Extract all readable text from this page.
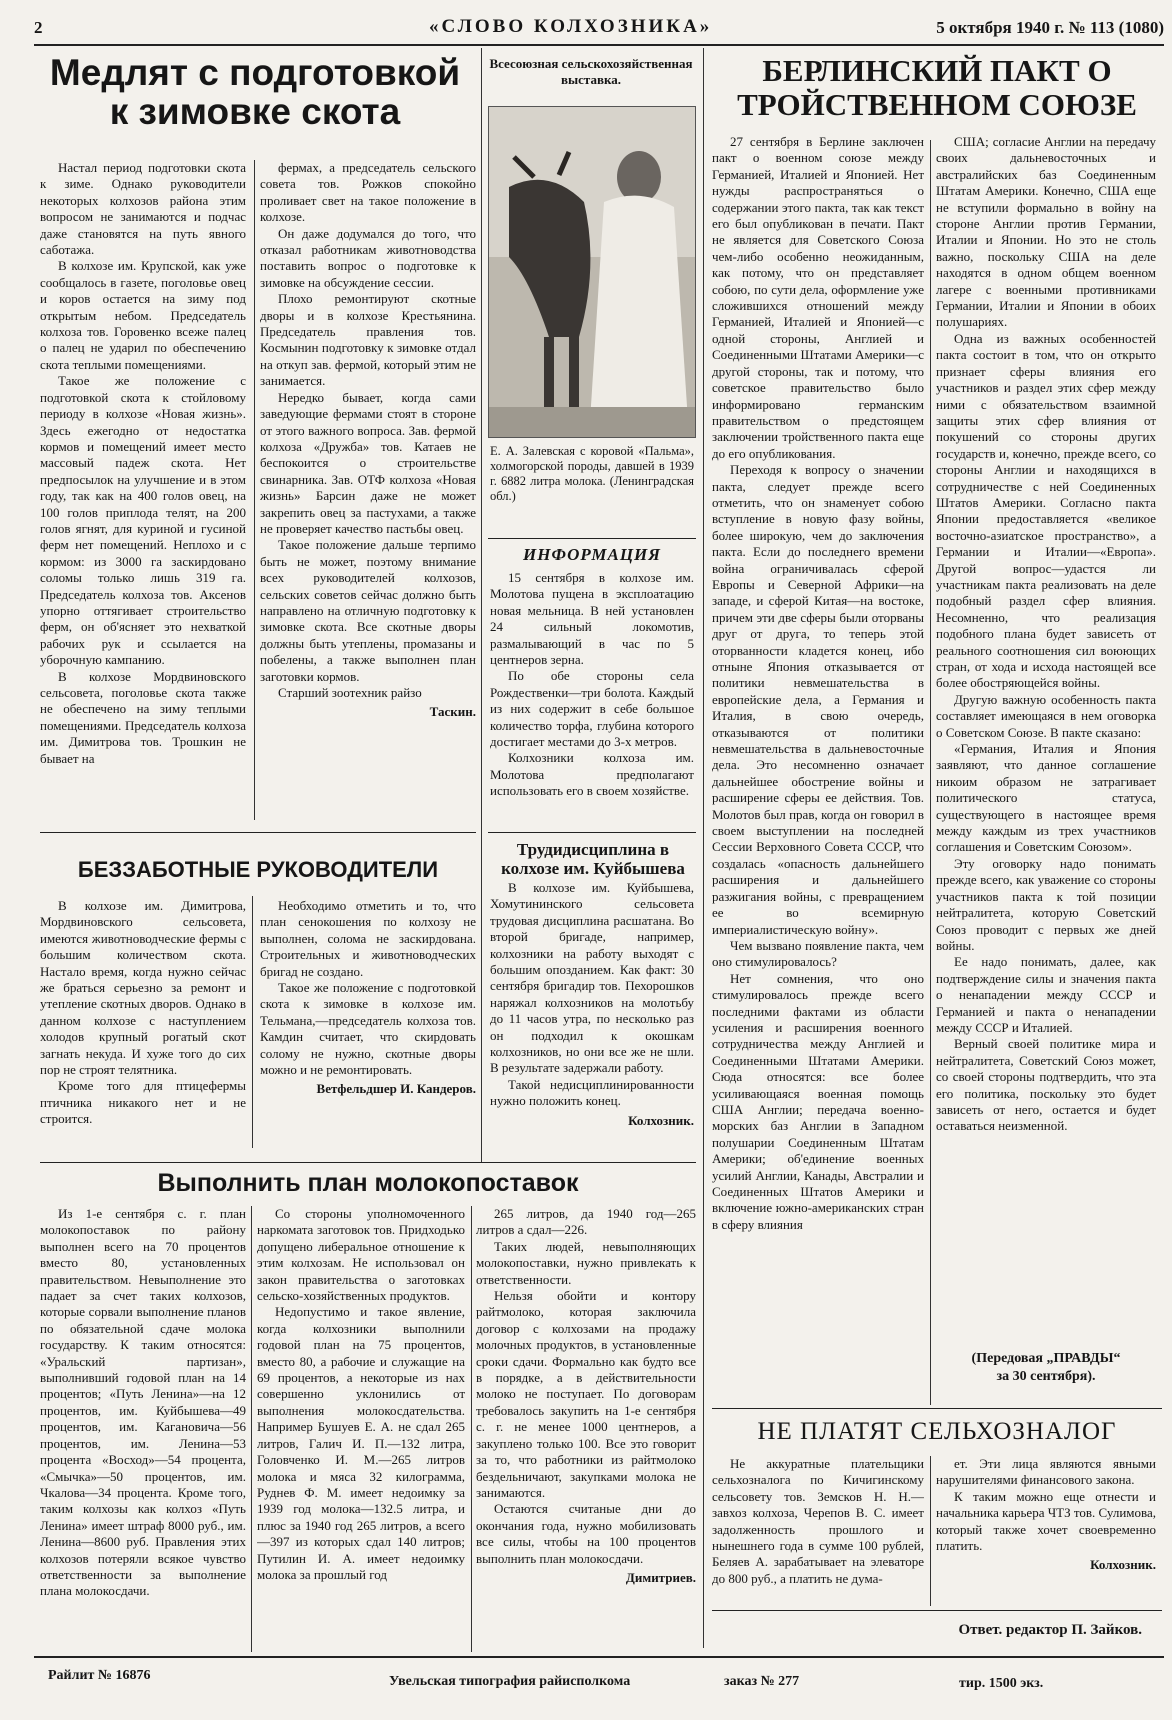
2	«СЛОВО КОЛХОЗНИКА»	5 октября 1940 г. № 113 (1080)
Медлят с подготовкой к зимовке скота

Настал период подготовки скота к зиме. Однако руководители некоторых колхозов района этим вопросом не занимаются и подчас даже становятся на путь явного саботажа.

В колхозе им. Крупской, как уже сообщалось в газете, поголовье овец и коров остается на зиму под открытым небом. Председатель колхоза тов. Горовенко всеже палец о палец не ударил по обеспечению скота теплыми помещениями.

Такое же положение с подготовкой скота к стойловому периоду в колхозе «Новая жизнь». Здесь ежегодно от недостатка кормов и помещений имеет место массовый падеж скота. Нет предпосылок на улучшение и в этом году, так как на 400 голов овец, на 100 голов приплода телят, на 200 голов ягнят, для куриной и гусиной ферм нет помещений. Неплохо и с кормом: из 3000 га заскирдовано соломы только лишь 319 га. Председатель колхоза тов. Аксенов упорно оттягивает строительство ферм, он об'ясняет это нехваткой рабочих рук и ссылается на уборочную кампанию.

В колхозе Мордвиновского сельсовета, поголовье скота также не обеспечено на зиму теплыми помещениями. Председатель колхоза им. Димитрова тов. Трошкин не бывает на

фермах, а председатель сельского совета тов. Рожков спокойно проливает свет на такое положение в колхозе.

Он даже додумался до того, что отказал работникам животноводства поставить вопрос о подготовке к зимовке на обсуждение сессии.

Плохо ремонтируют скотные дворы и в колхозе Крестьянина. Председатель правления тов. Космынин подготовку к зимовке отдал на откуп зав. фермой, который этим не занимается.

Нередко бывает, когда сами заведующие фермами стоят в стороне от этого важного вопроса. Зав. фермой колхоза «Дружба» тов. Катаев не беспокоится о строительстве свинарника. Зав. ОТФ колхоза «Новая жизнь» Барсин даже не может закрепить овец за пастухами, а также не проверяет качество пастьбы овец.

Такое положение дальше терпимо быть не может, поэтому внимание всех руководителей колхозов, сельских советов сейчас должно быть направлено на отличную подготовку к зимовке скота. Все скотные дворы должны быть утеплены, промазаны и побелены, а также выполнен план заготовки кормов.

Старший зоотехник райзо

Таскин.
Всесоюзная сельскохозяйственная выставка.
Е. А. Залевская с коровой «Пальма», холмогорской породы, давшей в 1939 г. 6882 литра молока. (Ленинградская обл.)
ИНФОРМАЦИЯ

15 сентября в колхозе им. Молотова пущена в эксплоатацию новая мельница. В ней установлен 24 сильный локомотив, размалывающий в час по 5 центнеров зерна.

По обе стороны села Рождественки—три болота. Каждый из них содержит в себе большое количество торфа, глубина которого достигает местами до 3-х метров.

Колхозники колхоза им. Молотова предполагают использовать его в своем хозяйстве.

Трудидисциплина в колхозе им. Куйбышева

В колхозе им. Куйбышева, Хомутининского сельсовета трудовая дисциплина расшатана. Во второй бригаде, например, колхозники на работу выходят с большим опозданием. Как факт: 30 сентября бригадир тов. Пехорошков наряжал колхозников на молотьбу до 11 часов утра, по несколько раз он подходил к окошкам колхозников, но они все же не шли. В результате задержали работу.

Такой недисциплинированности нужно положить конец.

Колхозник.
БЕРЛИНСКИЙ ПАКТ О ТРОЙСТВЕННОМ СОЮЗЕ

27 сентября в Берлине заключен пакт о военном союзе между Германией, Италией и Японией. Нет нужды распространяться о содержании этого пакта, так как текст его был опубликован в печати. Пакт не является для Советского Союза чем-либо особенно неожиданным, как потому, что он представляет собою, по сути дела, оформление уже сложившихся отношений между Германией, Италией и Японией—с одной стороны, Англией и Соединенными Штатами Америки—с другой стороны, так и потому, что советское правительство было информировано германским правительством о предстоящем заключении тройственного пакта еще до его опубликования.

Переходя к вопросу о значении пакта, следует прежде всего отметить, что он знаменует собою вступление в новую фазу войны, более широкую, чем до заключения пакта. Если до последнего времени война ограничивалась сферой Европы и Северной Африки—на западе, и сферой Китая—на востоке, причем эти две сферы были оторваны друг от друга, то теперь этой оторванности кладется конец, ибо отныне Япония отказывается от политики невмешательства в европейские дела, а Германия и Италия, в свою очередь, отказываются от политики невмешательства в дальневосточные дела. Это несомненно означает дальнейшее обострение войны и расширение сферы ее действия. Тов. Молотов был прав, когда он говорил в своем выступлении на последней Сессии Верховного Совета СССР, что создалась «опасность дальнейшего расширения и дальнейшего разжигания войны, с превращением ее во всемирную империалистическую войну».

Чем вызвано появление пакта, чем оно стимулировалось?

Нет сомнения, что оно стимулировалось прежде всего последними фактами из области усиления и расширения военного сотрудничества между Англией и Соединенными Штатами Америки. Сюда относятся: все более усиливающаяся военная помощь США Англии; передача военно-морских баз Англии в Западном полушарии Соединенным Штатам Америки; об'единение военных усилий Англии, Канады, Австралии и Соединенных Штатов Америки и включение южно-американских стран в сферу влияния

США; согласие Англии на передачу своих дальневосточных и австралийских баз Соединенным Штатам Америки. Конечно, США еще не вступили формально в войну на стороне Англии против Германии, Италии и Японии. Но это не столь важно, поскольку США на деле находятся в одном общем военном лагере с военными противниками Германии, Италии и Японии в обоих полушариях.

Одна из важных особенностей пакта состоит в том, что он открыто признает сферы влияния его участников и раздел этих сфер между ними с обязательством взаимной защиты этих сфер влияния от покушений со стороны других государств и, конечно, прежде всего, со стороны Англии и находящихся в сотрудничестве с ней Соединенных Штатов Америки. Согласно пакта Японии предоставляется «великое восточно-азиатское пространство», а Германии и Италии—«Европа». Другой вопрос—удастся ли участникам пакта реализовать на деле подобный раздел сфер влияния. Несомненно, что реализация подобного плана будет зависеть от реального соотношения сил воюющих стран, от хода и исхода настоящей все более обостряющейся войны.

Другую важную особенность пакта составляет имеющаяся в нем оговорка о Советском Союзе. В пакте сказано:

«Германия, Италия и Япония заявляют, что данное соглашение никоим образом не затрагивает политического статуса, существующего в настоящее время между каждым из трех участников соглашения и Советским Союзом».

Эту оговорку надо понимать прежде всего, как уважение со стороны участников пакта к той позиции нейтралитета, которую Советский Союз проводит с первых же дней войны.

Ее надо понимать, далее, как подтверждение силы и значения пакта о ненападении между СССР и Германией и пакта о ненападении между СССР и Италией.

Верный своей политике мира и нейтралитета, Советский Союз может, со своей стороны подтвердить, что эта его политика, поскольку это будет зависеть от него, остается и будет оставаться неизменной.

(Передовая „ПРАВДЫ“
за 30 сентября).
БЕЗЗАБОТНЫЕ РУКОВОДИТЕЛИ

В колхозе им. Димитрова, Мордвиновского сельсовета, имеются животноводческие фермы с большим количеством скота. Настало время, когда нужно сейчас же браться серьезно за ремонт и утепление скотных дворов. Однако в данном колхозе с наступлением холодов крупный рогатый скот загнать некуда. И хуже того до сих пор не строят телятника.

Кроме того для птицефермы птичника никакого нет и не строится.

Необходимо отметить и то, что план сенокошения по колхозу не выполнен, солома не заскирдована. Строительных и животноводческих бригад не создано.

Такое же положение с подготовкой скота к зимовке в колхозе им. Тельмана,—председатель колхоза тов. Камдин считает, что скирдовать солому не нужно, скотные дворы можно и не ремонтировать.

Ветфельдшер И. Кандеров.
Выполнить план молокопоставок

Из 1-е сентября с. г. план молокопоставок по району выполнен всего на 70 процентов вместо 80, установленных правительством. Невыполнение это падает за счет таких колхозов, которые сорвали выполнение планов по обязательной сдаче молока государству. К таким относятся: «Уральский партизан», выполнивший годовой план на 14 процентов; «Путь Ленина»—на 12 процентов, им. Куйбышева—49 процентов, им. Кагановича—56 процентов, им. Ленина—53 процента «Восход»—54 процента, «Смычка»—50 процентов, им. Чкалова—34 процента. Кроме того, таким колхозы как колхоз «Путь Ленина» имеет штраф 8000 руб., им. Ленина—8600 руб. Правления этих колхозов потеряли всякое чувство ответственности за выполнение плана молокосдачи.

Со стороны уполномоченного наркомата заготовок тов. Придходько допущено либеральное отношение к этим колхозам. Не использовал он закон правительства о заготовках сельско-хозяйственных продуктов.

Недопустимо и такое явление, когда колхозники выполнили годовой план на 75 процентов, вместо 80, а рабочие и служащие на 69 процентов, а некоторые из нах совершенно уклонились от выполнения молокосдательства. Например Бушуев Е. А. не сдал 265 литров, Галич И. П.—132 литра, Головченко И. М.—265 литров молока и мяса 32 килограмма, Руднев Ф. М. имеет недоимку за 1939 год молока—132.5 литра, и плюс за 1940 год 265 литров, а всего —397 из которых сдал 140 литров; Путилин И. А. имеет недоимку молока за прошлый год

265 литров, да 1940 год—265 литров а сдал—226.

Таких людей, невыполняющих молокопоставки, нужно привлекать к ответственности.

Нельзя обойти и контору райтмолоко, которая заключила договор с колхозами на продажу молочных продуктов, в установленные сроки сдачи. Формально как будто все в порядке, а в действительности молоко не поступает. По договорам требовалось закупить на 1-е сентября с. г. не менее 1000 центнеров, а закуплено только 100. Все это говорит за то, что работники из райтмолоко бездельничают, закупками молока не занимаются.

Остаются считаные дни до окончания года, нужно мобилизовать все силы, чтобы на 100 процентов выполнить план молокосдачи.

Димитриев.
НЕ ПЛАТЯТ СЕЛЬХОЗНАЛОГ

Не аккуратные плательщики сельхозналога по Кичигинскому сельсовету тов. Земсков Н. Н.—завхоз колхоза, Черепов В. С. имеет задолженность прошлого и нынешнего года в сумме 100 рублей, Беляев А. зарабатывает на элеваторе до 800 руб., а платить не дума-

ет. Эти лица являются явными нарушителями финансового закона.

К таким можно еще отнести и начальника карьера ЧТЗ тов. Сулимова, который также хочет своевременно платить.

Колхозник.
Ответ. редактор П. Зайков.
Райлит № 16876	Увельская типография райисполкома	заказ № 277	тир. 1500 экз.
